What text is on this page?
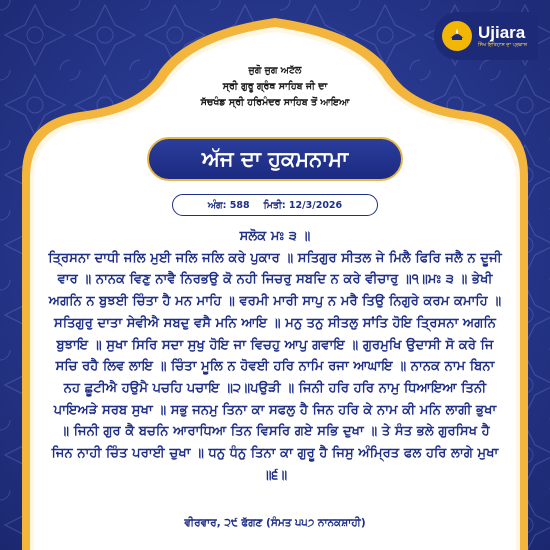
Ujiara
ਸਿੱਖ ਇਤਿਹਾਸ ਦਾ ਪ੍ਰਕਾਸ਼
ਜੁਗੋ ਜੁਗ ਅਟੱਲ
ਸ੍ਰੀ ਗੁਰੂ ਗ੍ਰੰਥ ਸਾਹਿਬ ਜੀ ਦਾ
ਸੱਚਖੰਡ ਸ੍ਰੀ ਹਰਿਮੰਦਰ ਸਾਹਿਬ ਤੋਂ ਆਇਆ
ਅੱਜ ਦਾ ਹੁਕਮਨਾਮਾ
ਅੰਗ: 588 ਮਿਤੀ: 12/3/2026
ਸਲੋਕ ਮਃ ੩ ॥
ਤ੍ਰਿਸਨਾ ਦਾਧੀ ਜਲਿ ਮੁਈ ਜਲਿ ਜਲਿ ਕਰੇ ਪੁਕਾਰ ॥ ਸਤਿਗੁਰ ਸੀਤਲ ਜੇ ਮਿਲੈ ਫਿਰਿ ਜਲੈ ਨ ਦੂਜੀ ਵਾਰ ॥ ਨਾਨਕ ਵਿਣੁ ਨਾਵੈ ਨਿਰਭਉ ਕੋ ਨਹੀ ਜਿਚਰੁ ਸਬਦਿ ਨ ਕਰੇ ਵੀਚਾਰੁ ॥੧॥ਮਃ ੩ ॥ ਭੇਖੀ ਅਗਨਿ ਨ ਬੁਝਈ ਚਿੰਤਾ ਹੈ ਮਨ ਮਾਹਿ ॥ ਵਰਮੀ ਮਾਰੀ ਸਾਪੁ ਨ ਮਰੈ ਤਿਉ ਨਿਗੁਰੇ ਕਰਮ ਕਮਾਹਿ ॥ ਸਤਿਗੁਰੁ ਦਾਤਾ ਸੇਵੀਐ ਸਬਦੁ ਵਸੈ ਮਨਿ ਆਇ ॥ ਮਨੁ ਤਨੁ ਸੀਤਲੁ ਸਾਂਤਿ ਹੋਇ ਤ੍ਰਿਸਨਾ ਅਗਨਿ ਬੁਝਾਇ ॥ ਸੁਖਾ ਸਿਰਿ ਸਦਾ ਸੁਖੁ ਹੋਇ ਜਾ ਵਿਚਹੁ ਆਪੁ ਗਵਾਇ ॥ ਗੁਰਮੁਖਿ ਉਦਾਸੀ ਸੋ ਕਰੇ ਜਿ ਸਚਿ ਰਹੈ ਲਿਵ ਲਾਇ ॥ ਚਿੰਤਾ ਮੂਲਿ ਨ ਹੋਵਈ ਹਰਿ ਨਾਮਿ ਰਜਾ ਆਘਾਇ ॥ ਨਾਨਕ ਨਾਮ ਬਿਨਾ ਨਹ ਛੂਟੀਐ ਹਉਮੈ ਪਚਹਿ ਪਚਾਇ ॥੨॥ਪਉੜੀ ॥ ਜਿਨੀ ਹਰਿ ਹਰਿ ਨਾਮੁ ਧਿਆਇਆ ਤਿਨੀ ਪਾਇਅੜੇ ਸਰਬ ਸੁਖਾ ॥ ਸਭੁ ਜਨਮੁ ਤਿਨਾ ਕਾ ਸਫਲੁ ਹੈ ਜਿਨ ਹਰਿ ਕੇ ਨਾਮ ਕੀ ਮਨਿ ਲਾਗੀ ਭੁਖਾ ॥ ਜਿਨੀ ਗੁਰ ਕੈ ਬਚਨਿ ਆਰਾਧਿਆ ਤਿਨ ਵਿਸਰਿ ਗਏ ਸਭਿ ਦੁਖਾ ॥ ਤੇ ਸੰਤ ਭਲੇ ਗੁਰਸਿਖ ਹੈ ਜਿਨ ਨਾਹੀ ਚਿੰਤ ਪਰਾਈ ਚੁਖਾ ॥ ਧਨੁ ਧੰਨੁ ਤਿਨਾ ਕਾ ਗੁਰੂ ਹੈ ਜਿਸੁ ਅੰਮ੍ਰਿਤ ਫਲ ਹਰਿ ਲਾਗੇ ਮੁਖਾ ॥੬॥
ਵੀਰਵਾਰ, ੨੯ ਫੱਗਣ (ਸੰਮਤ ੫੫੭ ਨਾਨਕਸ਼ਾਹੀ)
